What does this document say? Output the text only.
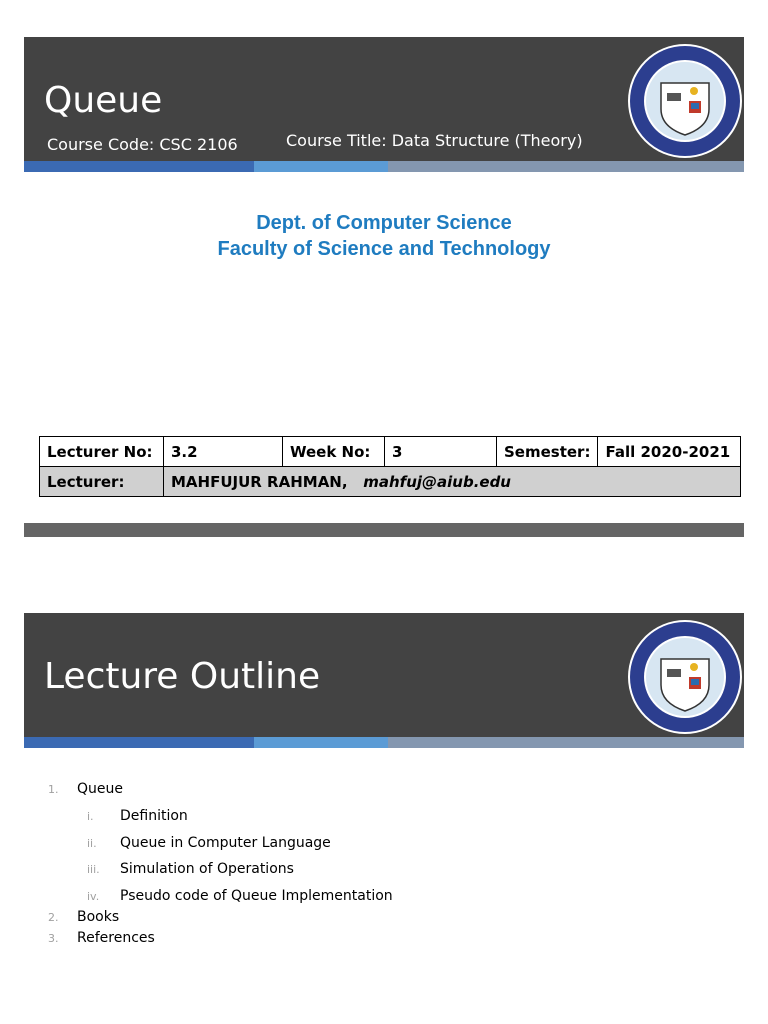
Queue
Course Code: CSC 2106	Course Title: Data Structure (Theory)
Dept. of Computer Science
Faculty of Science and Technology
Lecturer No:	3.2	Week No:	3	Semester:	Fall 2020-2021
Lecturer:	MAHFUJUR RAHMAN, mahfuj@aiub.edu				
Lecture Outline
1. Queue
i. Definition
ii. Queue in Computer Language
iii. Simulation of Operations
iv. Pseudo code of Queue Implementation
2. Books
3. References
